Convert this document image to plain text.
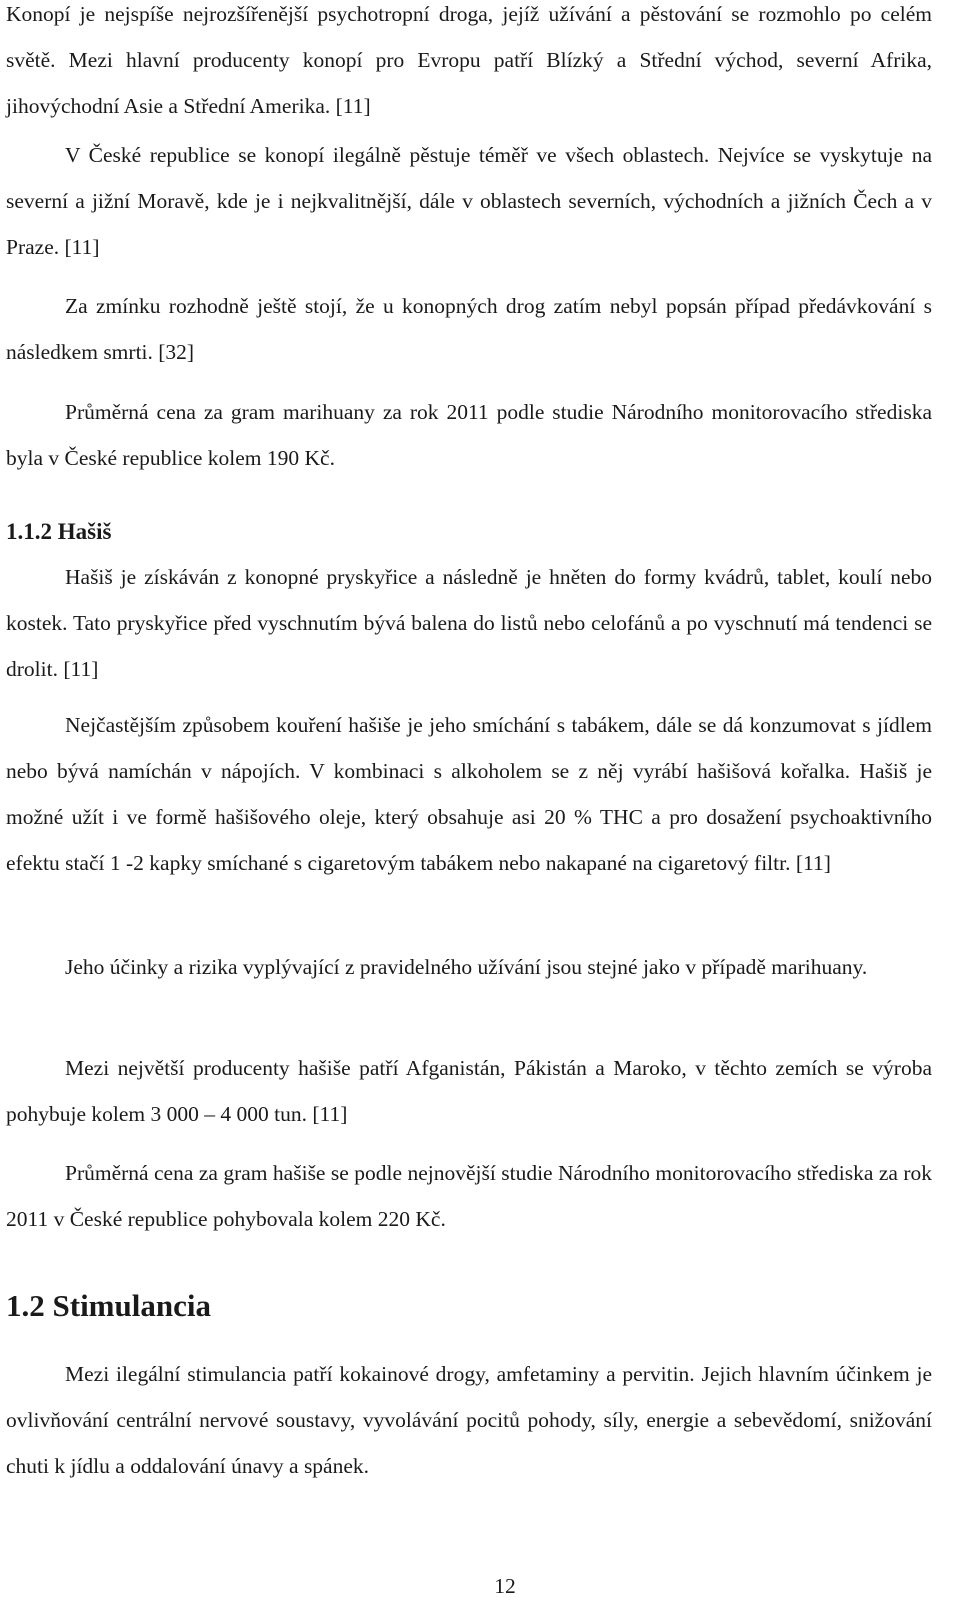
Konopí je nejspíše nejrozšířenější psychotropní droga, jejíž užívání a pěstování se rozmohlo po celém světě. Mezi hlavní producenty konopí pro Evropu patří Blízký a Střední východ, severní Afrika, jihovýchodní Asie a Střední Amerika. [11]

V České republice se konopí ilegálně pěstuje téměř ve všech oblastech. Nejvíce se vyskytuje na severní a jižní Moravě, kde je i nejkvalitnější, dále v oblastech severních, východních a jižních Čech a v Praze. [11]

Za zmínku rozhodně ještě stojí, že u konopných drog zatím nebyl popsán případ předávkování s následkem smrti. [32]

Průměrná cena za gram marihuany za rok 2011 podle studie Národního monitorovacího střediska byla v České republice kolem 190 Kč.

1.1.2 Hašiš

Hašiš je získáván z konopné pryskyřice a následně je hněten do formy kvádrů, tablet, koulí nebo kostek. Tato pryskyřice před vyschnutím bývá balena do listů nebo celofánů a po vyschnutí má tendenci se drolit. [11]

Nejčastějším způsobem kouření hašiše je jeho smíchání s tabákem, dále se dá konzumovat s jídlem nebo bývá namíchán v nápojích. V kombinaci s alkoholem se z něj vyrábí hašišová kořalka. Hašiš je možné užít i ve formě hašišového oleje, který obsahuje asi 20 % THC a pro dosažení psychoaktivního efektu stačí 1 -2 kapky smíchané s cigaretovým tabákem nebo nakapané na cigaretový filtr. [11]

Jeho účinky a rizika vyplývající z pravidelného užívání jsou stejné jako v případě marihuany.

Mezi největší producenty hašiše patří Afganistán, Pákistán a Maroko, v těchto zemích se výroba pohybuje kolem 3 000 – 4 000 tun. [11]

Průměrná cena za gram hašiše se podle nejnovější studie Národního monitorovacího střediska za rok 2011 v České republice pohybovala kolem 220 Kč.

1.2 Stimulancia

Mezi ilegální stimulancia patří kokainové drogy, amfetaminy a pervitin. Jejich hlavním účinkem je ovlivňování centrální nervové soustavy, vyvolávání pocitů pohody, síly, energie a sebevědomí, snižování chuti k jídlu a oddalování únavy a spánek.

12
